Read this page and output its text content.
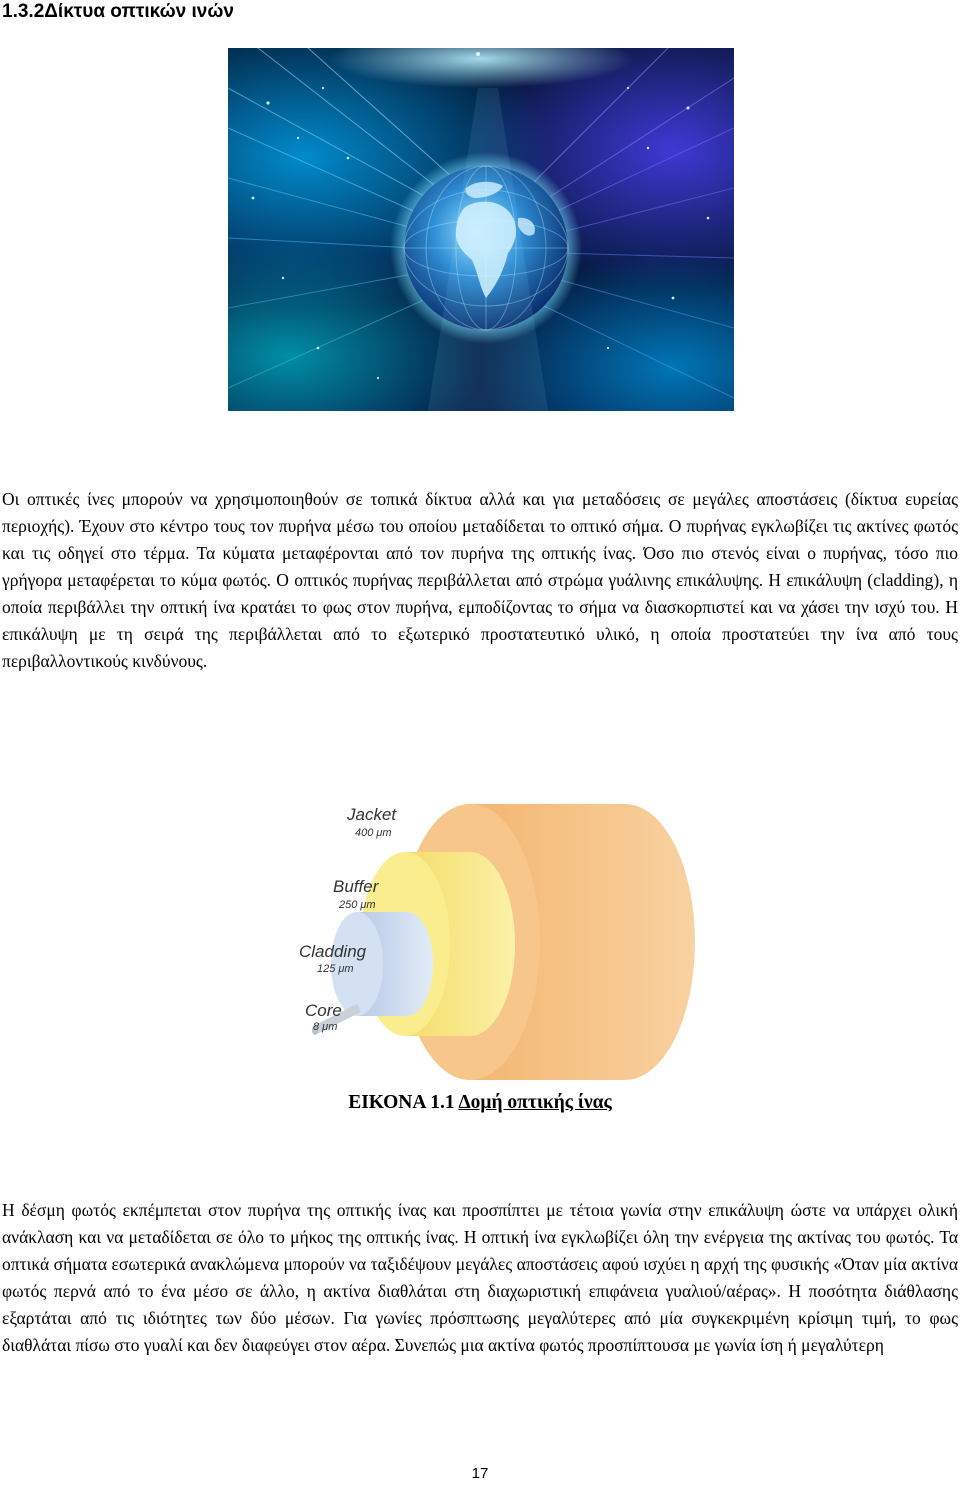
1.3.2Δίκτυα οπτικών ινών

Οι οπτικές ίνες μπορούν να χρησιμοποιηθούν σε τοπικά δίκτυα αλλά και για μεταδόσεις σε μεγάλες αποστάσεις (δίκτυα ευρείας περιοχής). Έχουν στο κέντρο τους τον πυρήνα μέσω του οποίου μεταδίδεται το οπτικό σήμα. Ο πυρήνας εγκλωβίζει τις ακτίνες φωτός και τις οδηγεί στο τέρμα. Τα κύματα μεταφέρονται από τον πυρήνα της οπτικής ίνας. Όσο πιο στενός είναι ο πυρήνας, τόσο πιο γρήγορα μεταφέρεται το κύμα φωτός. Ο οπτικός πυρήνας περιβάλλεται από στρώμα γυάλινης επικάλυψης. Η επικάλυψη (cladding), η οποία περιβάλλει την οπτική ίνα κρατάει το φως στον πυρήνα, εμποδίζοντας το σήμα να διασκορπιστεί και να χάσει την ισχύ του. Η επικάλυψη με τη σειρά της περιβάλλεται από το εξωτερικό προστατευτικό υλικό, η οποία προστατεύει την ίνα από τους περιβαλλοντικούς κινδύνους.

Jacket
400 μm
Buffer
250 μm
Cladding
125 μm
Core
8 μm
ΕΙΚΟΝΑ 1.1 Δομή οπτικής ίνας

Η δέσμη φωτός εκπέμπεται στον πυρήνα της οπτικής ίνας και προσπίπτει με τέτοια γωνία στην επικάλυψη ώστε να υπάρχει ολική ανάκλαση και να μεταδίδεται σε όλο το μήκος της οπτικής ίνας. Η οπτική ίνα εγκλωβίζει όλη την ενέργεια της ακτίνας του φωτός. Τα οπτικά σήματα εσωτερικά ανακλώμενα μπορούν να ταξιδέψουν μεγάλες αποστάσεις αφού ισχύει η αρχή της φυσικής «Όταν μία ακτίνα φωτός περνά από το ένα μέσο σε άλλο, η ακτίνα διαθλάται στη διαχωριστική επιφάνεια γυαλιού/αέρας». Η ποσότητα διάθλασης εξαρτάται από τις ιδιότητες των δύο μέσων. Για γωνίες πρόσπτωσης μεγαλύτερες από μία συγκεκριμένη κρίσιμη τιμή, το φως διαθλάται πίσω στο γυαλί και δεν διαφεύγει στον αέρα. Συνεπώς μια ακτίνα φωτός προσπίπτουσα με γωνία ίση ή μεγαλύτερη

17
